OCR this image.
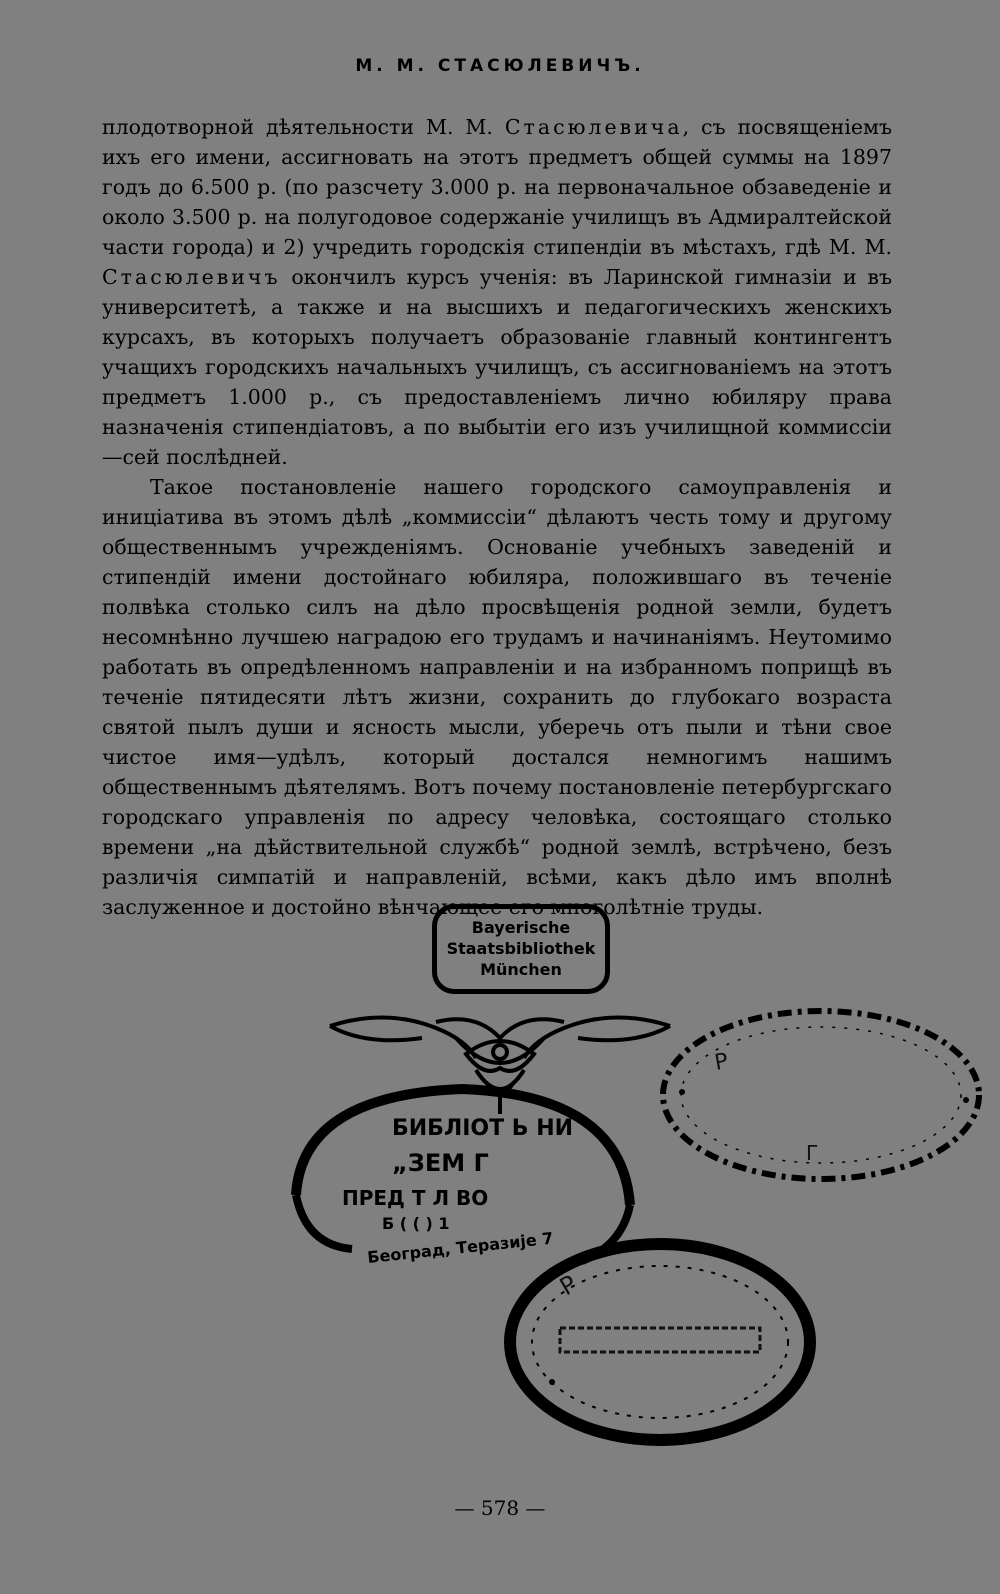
М. М. СТАСЮЛЕВИЧЪ.

плодотворной дѣятельности М. М. Стасюлевича, съ посвященіемъ ихъ его имени, ассигновать на этотъ предметъ общей суммы на 1897 годъ до 6.500 р. (по разсчету 3.000 р. на первоначальное обзаведеніе и около 3.500 р. на полугодовое содержаніе училищъ въ Адмиралтейской части города) и 2) учредить городскія стипендіи въ мѣстахъ, гдѣ М. М. Стасюлевичъ окончилъ курсъ ученія: въ Ларинской гимназіи и въ университетѣ, а также и на высшихъ и педагогическихъ женскихъ курсахъ, въ которыхъ получаетъ образованіе главный контингентъ учащихъ городскихъ начальныхъ училищъ, съ ассигнованіемъ на этотъ предметъ 1.000 р., съ предоставленіемъ лично юбиляру права назначенія стипендіатовъ, а по выбытіи его изъ училищной коммиссіи—сей послѣдней.

Такое постановленіе нашего городского самоуправленія и иниціатива въ этомъ дѣлѣ „коммиссіи“ дѣлаютъ честь тому и другому общественнымъ учрежденіямъ. Основаніе учебныхъ заведеній и стипендій имени достойнаго юбиляра, положившаго въ теченіе полвѣка столько силъ на дѣло просвѣщенія родной земли, будетъ несомнѣнно лучшею наградою его трудамъ и начинаніямъ. Неутомимо работать въ опредѣленномъ направленіи и на избранномъ поприщѣ въ теченіе пятидесяти лѣтъ жизни, сохранить до глубокаго возраста святой пылъ души и ясность мысли, уберечь отъ пыли и тѣни свое чистое имя—удѣлъ, который достался немногимъ нашимъ общественнымъ дѣятелямъ. Вотъ почему постановленіе петербургскаго городскаго управленія по адресу человѣка, состоящаго столько времени „на дѣйствительной службѣ“ родной землѣ, встрѣчено, безъ различія симпатій и направленій, всѣми, какъ дѣло имъ вполнѣ заслуженное и достойно вѣнчающее его многолѣтніе труды.

Bayerische
Staatsbibliothek
München
Р
Г
БИБЛІОТ Ь НИ
„ЗЕМ Г
ПРЕД Т Л ВО
Б ( ( ) 1
Београд, Теразије 7
Р
— 578 —
